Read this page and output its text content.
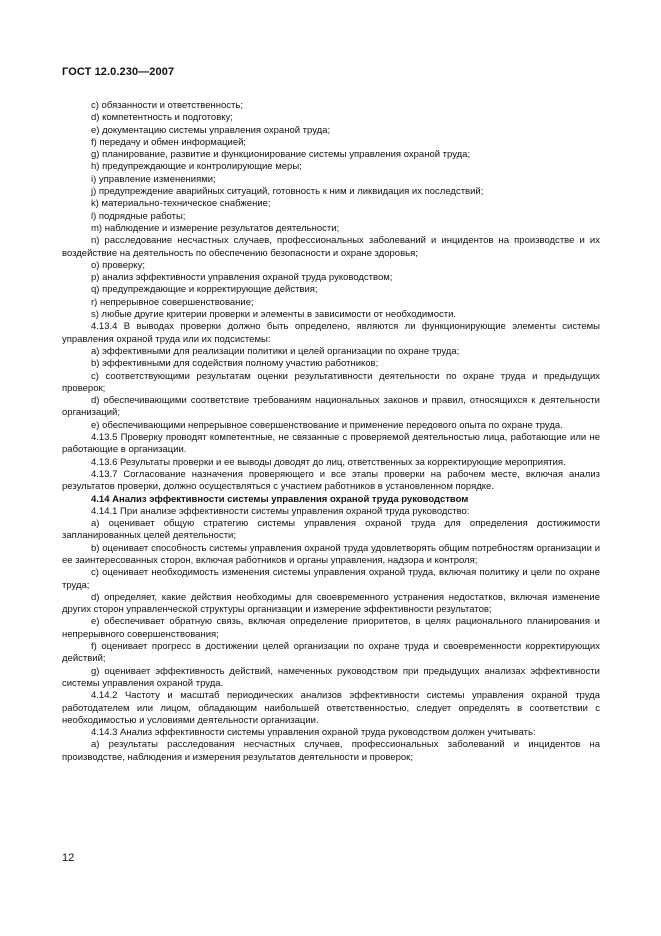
ГОСТ 12.0.230—2007

c) обязанности и ответственность;

d) компетентность и подготовку;

e) документацию системы управления охраной труда;

f) передачу и обмен информацией;

g) планирование, развитие и функционирование системы управления охраной труда;

h) предупреждающие и контролирующие меры;

i) управление изменениями;

j) предупреждение аварийных ситуаций, готовность к ним и ликвидация их последствий;

k) материально-техническое снабжение;

l) подрядные работы;

m) наблюдение и измерение результатов деятельности;

n) расследование несчастных случаев, профессиональных заболеваний и инцидентов на производстве и их воздействие на деятельность по обеспечению безопасности и охране здоровья;

o) проверку;

p) анализ эффективности управления охраной труда руководством;

q) предупреждающие и корректирующие действия;

r) непрерывное совершенствование;

s) любые другие критерии проверки и элементы в зависимости от необходимости.

4.13.4 В выводах проверки должно быть определено, являются ли функционирующие элементы системы управления охраной труда или их подсистемы:

a) эффективными для реализации политики и целей организации по охране труда;

b) эффективными для содействия полному участию работников;

c) соответствующими результатам оценки результативности деятельности по охране труда и предыдущих проверок;

d) обеспечивающими соответствие требованиям национальных законов и правил, относящихся к деятельности организаций;

e) обеспечивающими непрерывное совершенствование и применение передового опыта по охране труда.

4.13.5 Проверку проводят компетентные, не связанные с проверяемой деятельностью лица, работающие или не работающие в организации.

4.13.6 Результаты проверки и ее выводы доводят до лиц, ответственных за корректирующие мероприятия.

4.13.7 Согласование назначения проверяющего и все этапы проверки на рабочем месте, включая анализ результатов проверки, должно осуществляться с участием работников в установленном порядке.

4.14 Анализ эффективности системы управления охраной труда руководством

4.14.1 При анализе эффективности системы управления охраной труда руководство:

a) оценивает общую стратегию системы управления охраной труда для определения достижимости запланированных целей деятельности;

b) оценивает способность системы управления охраной труда удовлетворять общим потребностям организации и ее заинтересованных сторон, включая работников и органы управления, надзора и контроля;

c) оценивает необходимость изменения системы управления охраной труда, включая политику и цели по охране труда;

d) определяет, какие действия необходимы для своевременного устранения недостатков, включая изменение других сторон управленческой структуры организации и измерение эффективности результатов;

e) обеспечивает обратную связь, включая определение приоритетов, в целях рационального планирования и непрерывного совершенствования;

f) оценивает прогресс в достижении целей организации по охране труда и своевременности корректирующих действий;

g) оценивает эффективность действий, намеченных руководством при предыдущих анализах эффективности системы управления охраной труда.

4.14.2 Частоту и масштаб периодических анализов эффективности системы управления охраной труда работодателем или лицом, обладающим наибольшей ответственностью, следует определять в соответствии с необходимостью и условиями деятельности организации.

4.14.3 Анализ эффективности системы управления охраной труда руководством должен учитывать:

a) результаты расследования несчастных случаев, профессиональных заболеваний и инцидентов на производстве, наблюдения и измерения результатов деятельности и проверок;

12
